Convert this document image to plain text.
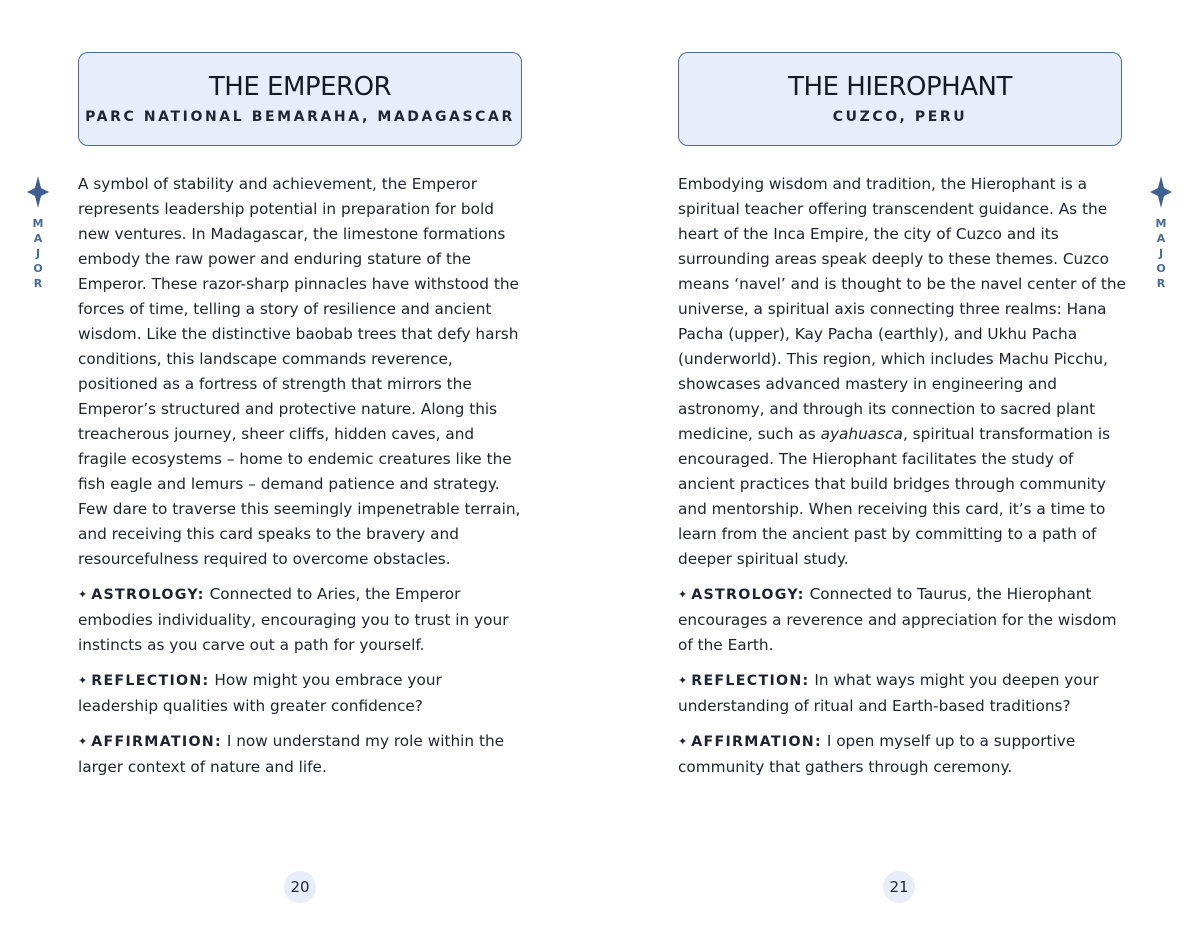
M
A
J
O
R
THE EMPEROR
PARC NATIONAL BEMARAHA, MADAGASCAR

A symbol of stability and achievement, the Emperor represents leadership potential in preparation for bold new ventures. In Madagascar, the limestone formations embody the raw power and enduring stature of the Emperor. These razor-sharp pinnacles have withstood the forces of time, telling a story of resilience and ancient wisdom. Like the distinctive baobab trees that defy harsh conditions, this landscape commands reverence, positioned as a fortress of strength that mirrors the Emperor’s structured and protective nature. Along this treacherous journey, sheer cliffs, hidden caves, and fragile ecosystems – home to endemic creatures like the fish eagle and lemurs – demand patience and strategy. Few dare to traverse this seemingly impenetrable terrain, and receiving this card speaks to the bravery and resourcefulness required to overcome obstacles.

✦ ASTROLOGY: Connected to Aries, the Emperor embodies individuality, encouraging you to trust in your instincts as you carve out a path for yourself.

✦ REFLECTION: How might you embrace your leadership qualities with greater confidence?

✦ AFFIRMATION: I now understand my role within the larger context of nature and life.

20
M
A
J
O
R
THE HIEROPHANT
CUZCO, PERU

Embodying wisdom and tradition, the Hierophant is a spiritual teacher offering transcendent guidance. As the heart of the Inca Empire, the city of Cuzco and its surrounding areas speak deeply to these themes. Cuzco means ‘navel’ and is thought to be the navel center of the universe, a spiritual axis connecting three realms: Hana Pacha (upper), Kay Pacha (earthly), and Ukhu Pacha (underworld). This region, which includes Machu Picchu, showcases advanced mastery in engineering and astronomy, and through its connection to sacred plant medicine, such as ayahuasca, spiritual transformation is encouraged. The Hierophant facilitates the study of ancient practices that build bridges through community and mentorship. When receiving this card, it’s a time to learn from the ancient past by committing to a path of deeper spiritual study.

✦ ASTROLOGY: Connected to Taurus, the Hierophant encourages a reverence and appreciation for the wisdom of the Earth.

✦ REFLECTION: In what ways might you deepen your understanding of ritual and Earth-based traditions?

✦ AFFIRMATION: I open myself up to a supportive community that gathers through ceremony.

21
